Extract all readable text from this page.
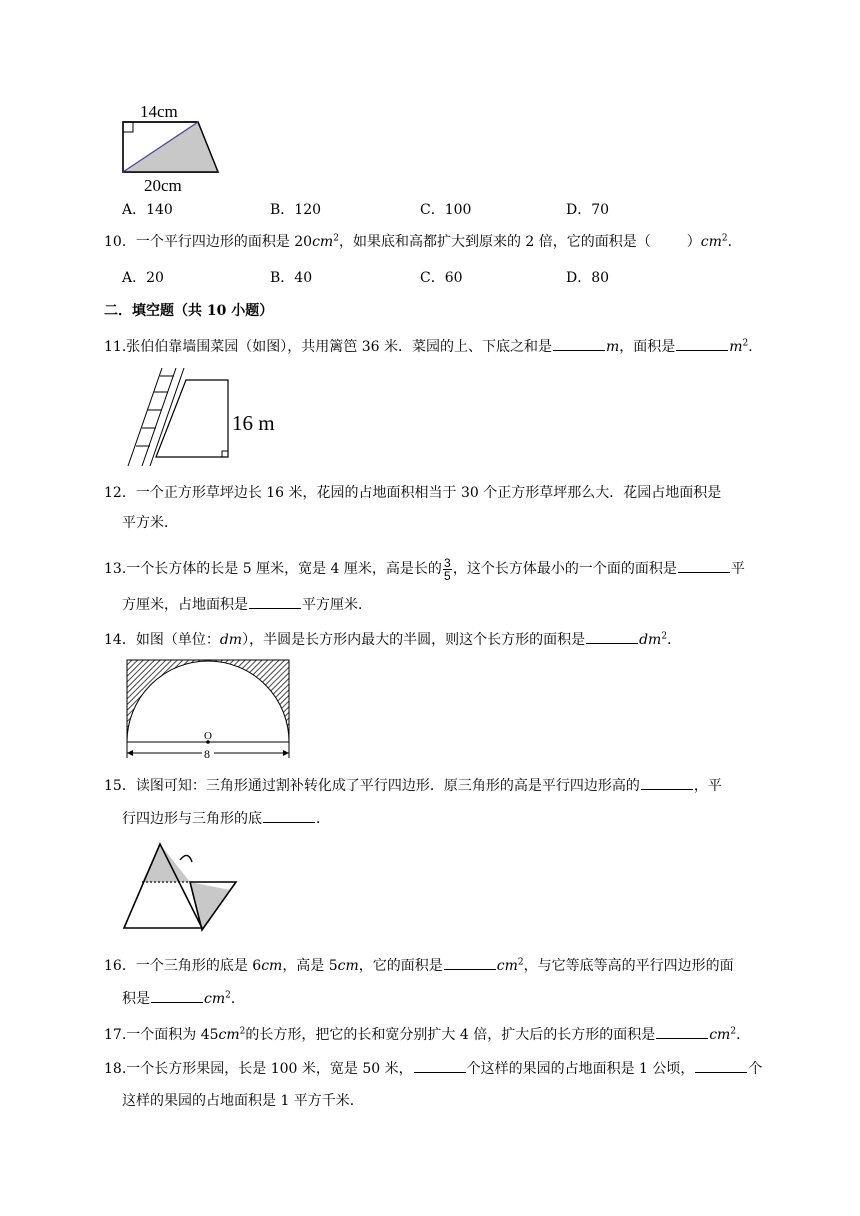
14cm
20cm
A．140	B．120	C．100	D．70
10．一个平行四边形的面积是 $20cm^2$，如果底和高都扩大到原来的 2 倍，它的面积是（	）$cm^2$．
A．20	B．40	C．60	D．80
二．填空题（共 10 小题）
11.张伯伯靠墙围菜园（如图），共用篱笆 36 米．菜园的上、下底之和是	m，面积是	$m^2$．
16 m
12．一个正方形草坪边长 16 米，花园的占地面积相当于 30 个正方形草坪那么大．花园占地面积是
平方米．
13.一个长方体的长是 5 厘米，宽是 4 厘米，高是长的 $\frac{3}{5}$ ，这个长方体最小的一个面的面积是	平
方厘米，占地面积是	平方厘米．
14．如图（单位：dm），半圆是长方形内最大的半圆，则这个长方形的面积是	$dm^2$．
O
8
15．读图可知：三角形通过割补转化成了平行四边形．原三角形的高是平行四边形高的	，平
行四边形与三角形的底	．
16．一个三角形的底是 6cm，高是 5cm，它的面积是	$cm^2$，与它等底等高的平行四边形的面
积是	$cm^2$．
17.一个面积为 $45cm^2$的长方形，把它的长和宽分别扩大 4 倍，扩大后的长方形的面积是	$cm^2$．
18.一个长方形果园，长是 100 米，宽是 50 米，	个这样的果园的占地面积是 1 公顷，	个
这样的果园的占地面积是 1 平方千米．
